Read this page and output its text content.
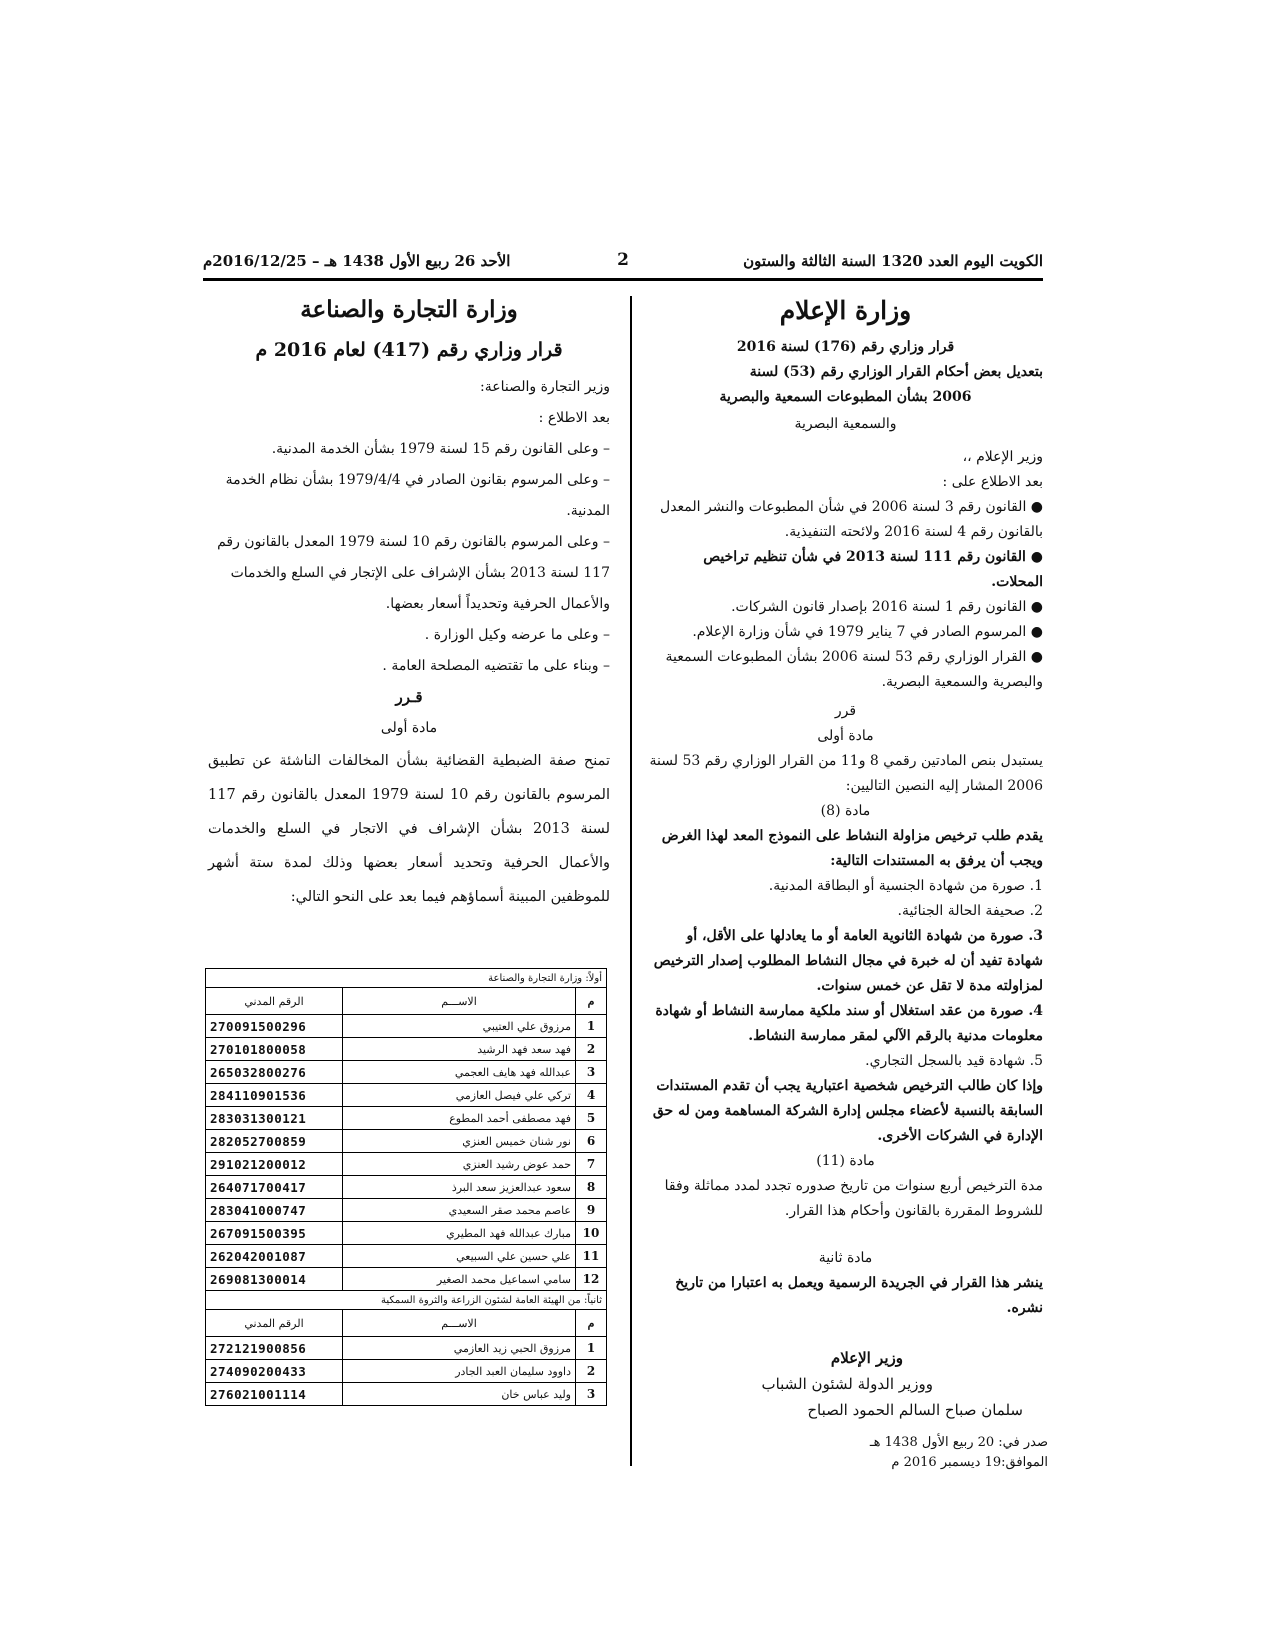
الكويت اليوم العدد 1320 السنة الثالثة والستون
2
الأحد 26 ربيع الأول 1438 هـ – 2016/12/25م
وزارة الإعلام

قرار وزاري رقم (176) لسنة 2016

بتعديل بعض أحكام القرار الوزاري رقم (53) لسنة

2006 بشأن المطبوعات السمعية والبصرية

والسمعية البصرية

وزير الإعلام ،،

بعد الاطلاع على :

● القانون رقم 3 لسنة 2006 في شأن المطبوعات والنشر المعدل بالقانون رقم 4 لسنة 2016 ولائحته التنفيذية.

● القانون رقم 111 لسنة 2013 في شأن تنظيم تراخيص المحلات.

● القانون رقم 1 لسنة 2016 بإصدار قانون الشركات.

● المرسوم الصادر في 7 يناير 1979 في شأن وزارة الإعلام.

● القرار الوزاري رقم 53 لسنة 2006 بشأن المطبوعات السمعية والبصرية والسمعية البصرية.

قرر

مادة أولى

يستبدل بنص المادتين رقمي 8 و11 من القرار الوزاري رقم 53 لسنة 2006 المشار إليه النصين التاليين:

مادة (8)

يقدم طلب ترخيص مزاولة النشاط على النموذج المعد لهذا الغرض ويجب أن يرفق به المستندات التالية:

1. صورة من شهادة الجنسية أو البطاقة المدنية.

2. صحيفة الحالة الجنائية.

3. صورة من شهادة الثانوية العامة أو ما يعادلها على الأقل، أو شهادة تفيد أن له خبرة في مجال النشاط المطلوب إصدار الترخيص لمزاولته مدة لا تقل عن خمس سنوات.

4. صورة من عقد استغلال أو سند ملكية ممارسة النشاط أو شهادة معلومات مدنية بالرقم الآلي لمقر ممارسة النشاط.

5. شهادة قيد بالسجل التجاري.

وإذا كان طالب الترخيص شخصية اعتبارية يجب أن تقدم المستندات السابقة بالنسبة لأعضاء مجلس إدارة الشركة المساهمة ومن له حق الإدارة في الشركات الأخرى.

مادة (11)

مدة الترخيص أربع سنوات من تاريخ صدوره تجدد لمدد مماثلة وفقا للشروط المقررة بالقانون وأحكام هذا القرار.

مادة ثانية

ينشر هذا القرار في الجريدة الرسمية ويعمل به اعتبارا من تاريخ نشره.

وزير الإعلام

ووزير الدولة لشئون الشباب

سلمان صباح السالم الحمود الصباح

صدر في: 20 ربيع الأول 1438 هـ

الموافق:19 ديسمبر 2016 م

وزارة التجارة والصناعة

قرار وزاري رقم (417) لعام 2016 م

وزير التجارة والصناعة:

بعد الاطلاع :

– وعلى القانون رقم 15 لسنة 1979 بشأن الخدمة المدنية.

– وعلى المرسوم بقانون الصادر في 1979/4/4 بشأن نظام الخدمة المدنية.

– وعلى المرسوم بالقانون رقم 10 لسنة 1979 المعدل بالقانون رقم 117 لسنة 2013 بشأن الإشراف على الإتجار في السلع والخدمات والأعمال الحرفية وتحديداً أسعار بعضها.

– وعلى ما عرضه وكيل الوزارة .

– وبناء على ما تقتضيه المصلحة العامة .

قـرر

مادة أولى

تمنح صفة الضبطية القضائية بشأن المخالفات الناشئة عن تطبيق المرسوم بالقانون رقم 10 لسنة 1979 المعدل بالقانون رقم 117 لسنة 2013 بشأن الإشراف في الاتجار في السلع والخدمات والأعمال الحرفية وتحديد أسعار بعضها وذلك لمدة ستة أشهر للموظفين المبينة أسماؤهم فيما بعد على النحو التالي:

أولاً: وزارة التجارة والصناعة		
م	الاســـم	الرقم المدني
1	مرزوق علي العتيبي	270091500296
2	فهد سعد فهد الرشيد	270101800058
3	عبدالله فهد هايف العجمي	265032800276
4	تركي علي فيصل العازمي	284110901536
5	فهد مصطفى أحمد المطوع	283031300121
6	نور شنان خميس العنزي	282052700859
7	حمد عوض رشيد العنزي	291021200012
8	سعود عبدالعزيز سعد البرذ	264071700417
9	عاصم محمد صقر السعيدي	283041000747
10	مبارك عبدالله فهد المطيري	267091500395
11	علي حسين علي السبيعي	262042001087
12	سامي اسماعيل محمد الصغير	269081300014
ثانياً: من الهيئة العامة لشئون الزراعة والثروة السمكية		
م	الاســـم	الرقم المدني
1	مرزوق الحبي زيد العازمي	272121900856
2	داوود سليمان العبد الجادر	274090200433
3	وليد عباس خان	276021001114
